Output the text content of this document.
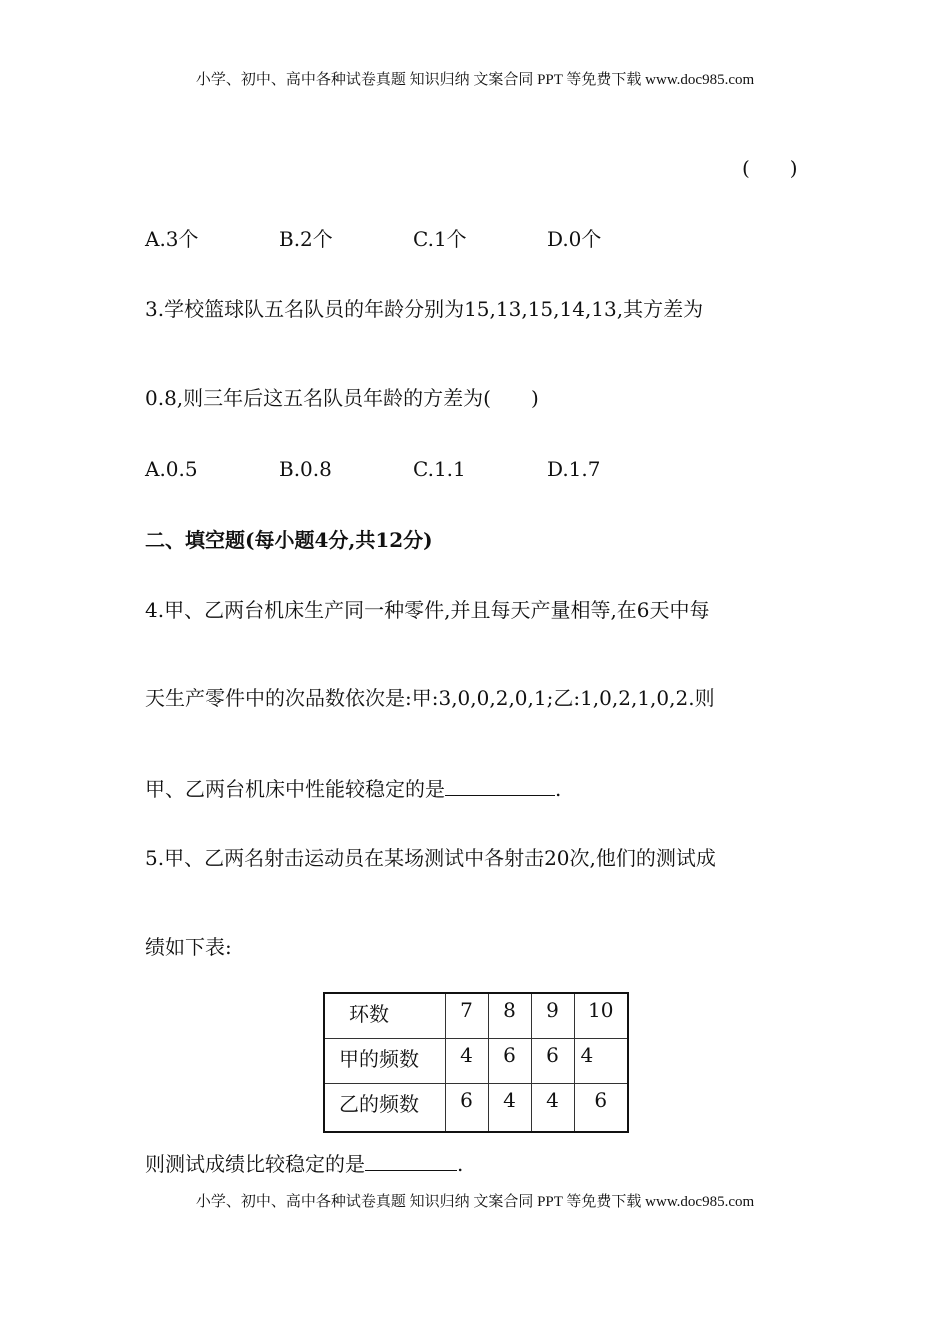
小学、初中、高中各种试卷真题 知识归纳 文案合同 PPT 等免费下载 www.doc985.com
(　　)
A.3个	B.2个	C.1个	D.0个
3.学校篮球队五名队员的年龄分别为15,13,15,14,13,其方差为
0.8,则三年后这五名队员年龄的方差为(　　)
A.0.5	B.0.8	C.1.1	D.1.7
二、填空题(每小题4分,共12分)
4.甲、乙两台机床生产同一种零件,并且每天产量相等,在6天中每
天生产零件中的次品数依次是:甲:3,0,0,2,0,1;乙:1,0,2,1,0,2.则
甲、乙两台机床中性能较稳定的是	.
5.甲、乙两名射击运动员在某场测试中各射击20次,他们的测试成
绩如下表:
环数	7	8	9	10
甲的频数	4	6	6	4
乙的频数	6	4	4	6
则测试成绩比较稳定的是	.
小学、初中、高中各种试卷真题 知识归纳 文案合同 PPT 等免费下载 www.doc985.com
